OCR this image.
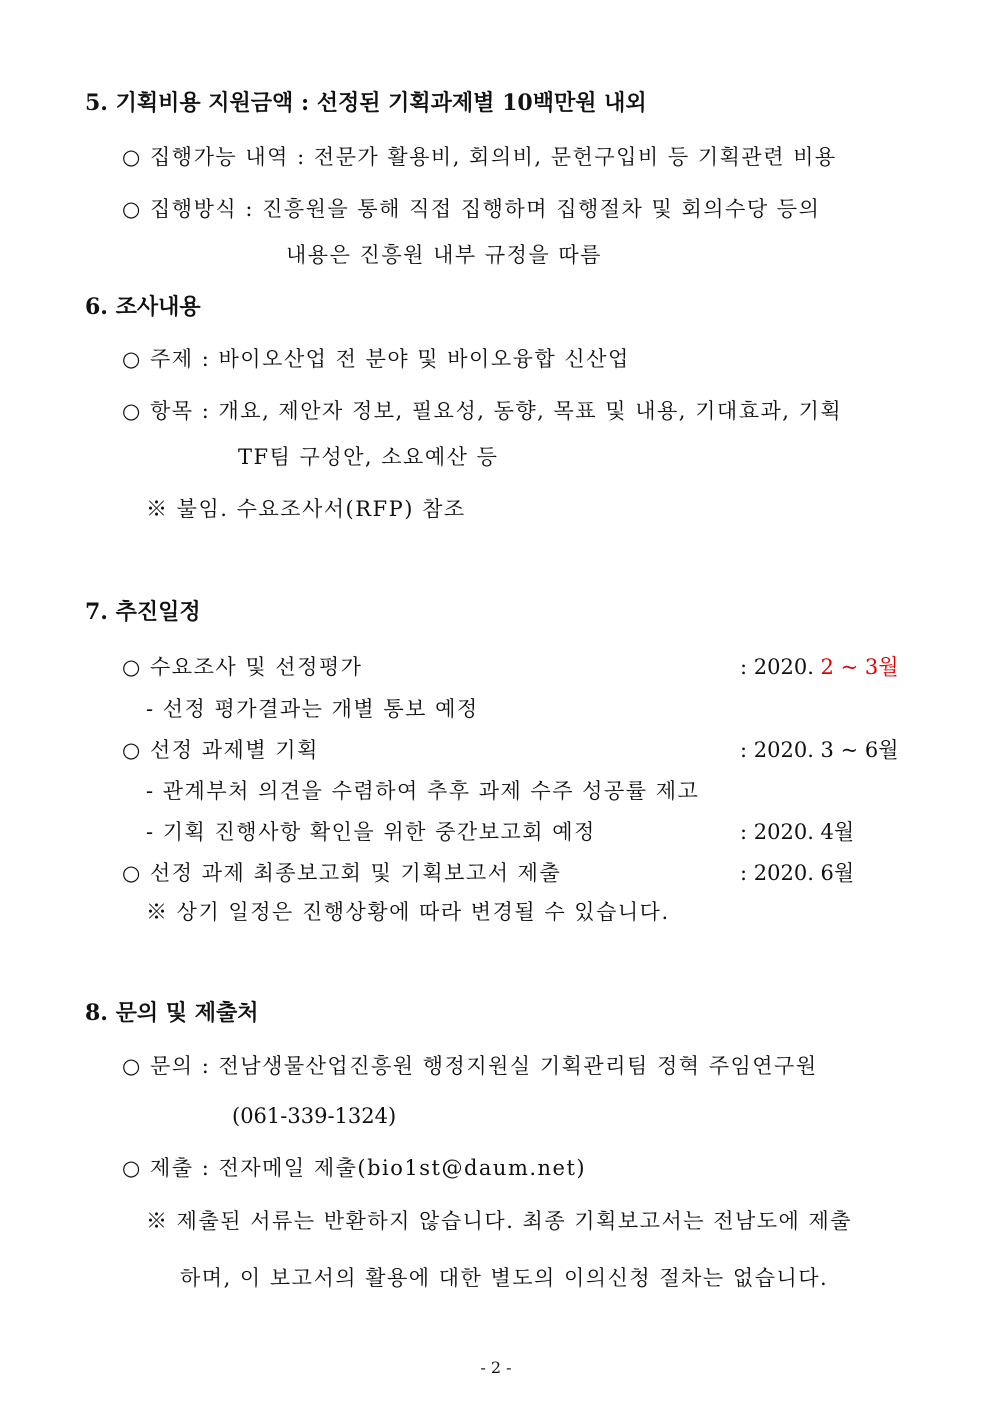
5. 기획비용 지원금액 : 선정된 기획과제별 10백만원 내외
○ 집행가능 내역 : 전문가 활용비, 회의비, 문헌구입비 등 기획관련 비용
○ 집행방식 : 진흥원을 통해 직접 집행하며 집행절차 및 회의수당 등의
내용은 진흥원 내부 규정을 따름
6. 조사내용
○ 주제 : 바이오산업 전 분야 및 바이오융합 신산업
○ 항목 : 개요, 제안자 정보, 필요성, 동향, 목표 및 내용, 기대효과, 기획
TF팀 구성안, 소요예산 등
※ 불임. 수요조사서(RFP) 참조
7. 추진일정
○ 수요조사 및 선정평가	: 2020. 2 ~ 3월
- 선정 평가결과는 개별 통보 예정
○ 선정 과제별 기획	: 2020. 3 ~ 6월
- 관계부처 의견을 수렴하여 추후 과제 수주 성공률 제고
- 기획 진행사항 확인을 위한 중간보고회 예정	: 2020. 4월
○ 선정 과제 최종보고회 및 기획보고서 제출	: 2020. 6월
※ 상기 일정은 진행상황에 따라 변경될 수 있습니다.
8. 문의 및 제출처
○ 문의 : 전남생물산업진흥원 행정지원실 기획관리팀 정혁 주임연구원
(061-339-1324)
○ 제출 : 전자메일 제출(bio1st@daum.net)
※ 제출된 서류는 반환하지 않습니다. 최종 기획보고서는 전남도에 제출
하며, 이 보고서의 활용에 대한 별도의 이의신청 절차는 없습니다.
- 2 -
